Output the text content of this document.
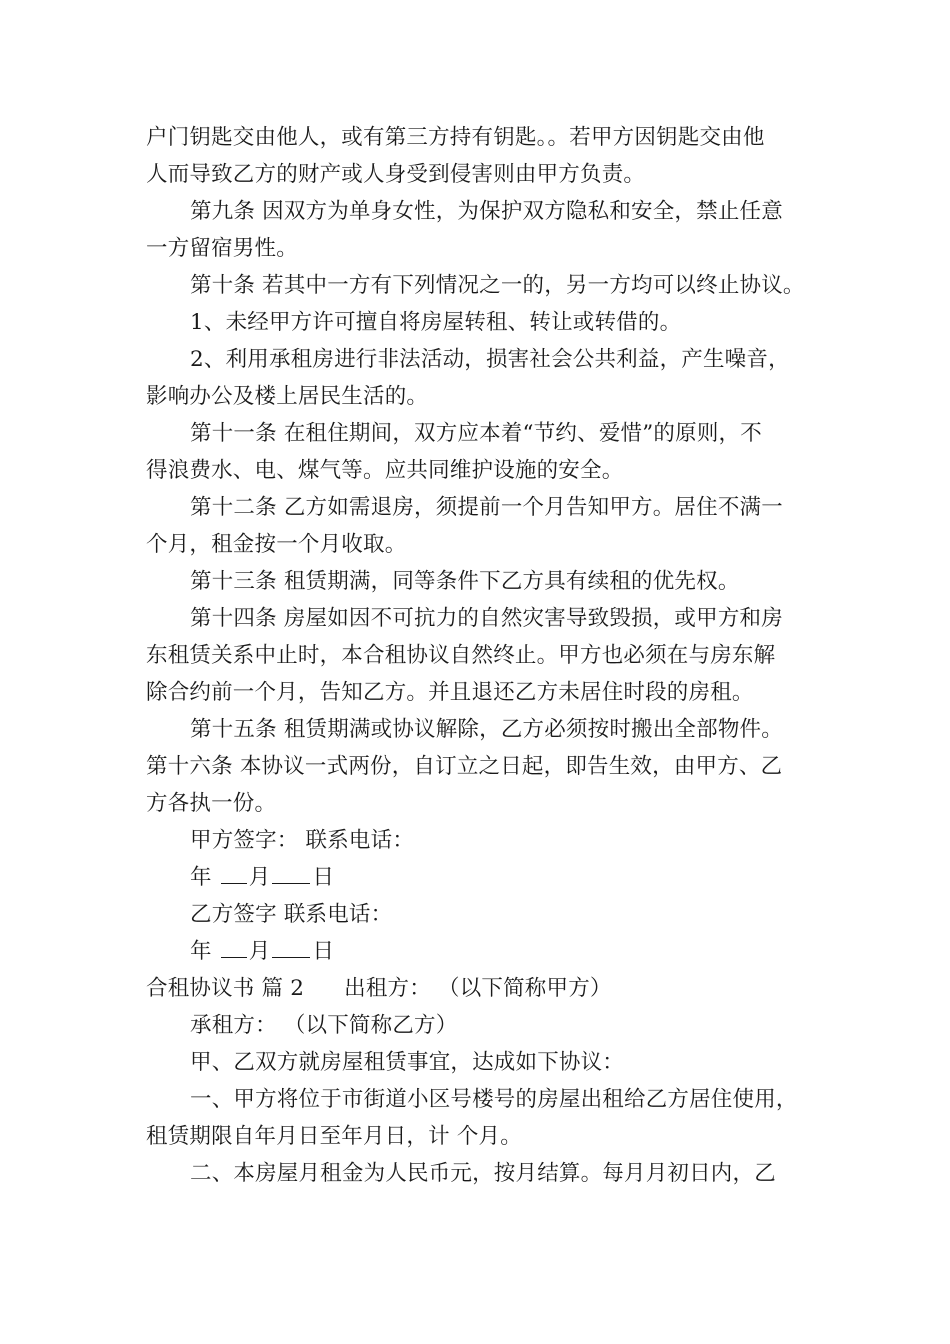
户门钥匙交由他人，或有第三方持有钥匙。。若甲方因钥匙交由他
人而导致乙方的财产或人身受到侵害则由甲方负责。
第九条 因双方为单身女性，为保护双方隐私和安全，禁止任意
一方留宿男性。
第十条 若其中一方有下列情况之一的，另一方均可以终止协议。
1、未经甲方许可擅自将房屋转租、转让或转借的。
2、利用承租房进行非法活动，损害社会公共利益，产生噪音，
影响办公及楼上居民生活的。
第十一条 在租住期间，双方应本着“节约、爱惜”的原则，不
得浪费水、电、煤气等。应共同维护设施的安全。
第十二条 乙方如需退房，须提前一个月告知甲方。居住不满一
个月，租金按一个月收取。
第十三条 租赁期满，同等条件下乙方具有续租的优先权。
第十四条 房屋如因不可抗力的自然灾害导致毁损，或甲方和房
东租赁关系中止时，本合租协议自然终止。甲方也必须在与房东解
除合约前一个月，告知乙方。并且退还乙方未居住时段的房租。
第十五条 租赁期满或协议解除，乙方必须按时搬出全部物件。
第十六条 本协议一式两份，自订立之日起，即告生效，由甲方、乙
方各执一份。
甲方签字： 联系电话：
年 月 日
乙方签字 联系电话：
年 月 日
合租协议书 篇 2 出租方： （以下简称甲方）
承租方： （以下简称乙方）
甲、乙双方就房屋租赁事宜，达成如下协议：
一、甲方将位于市街道小区号楼号的房屋出租给乙方居住使用，
租赁期限自年月日至年月日，计 个月。
二、本房屋月租金为人民币元，按月结算。每月月初日内，乙
